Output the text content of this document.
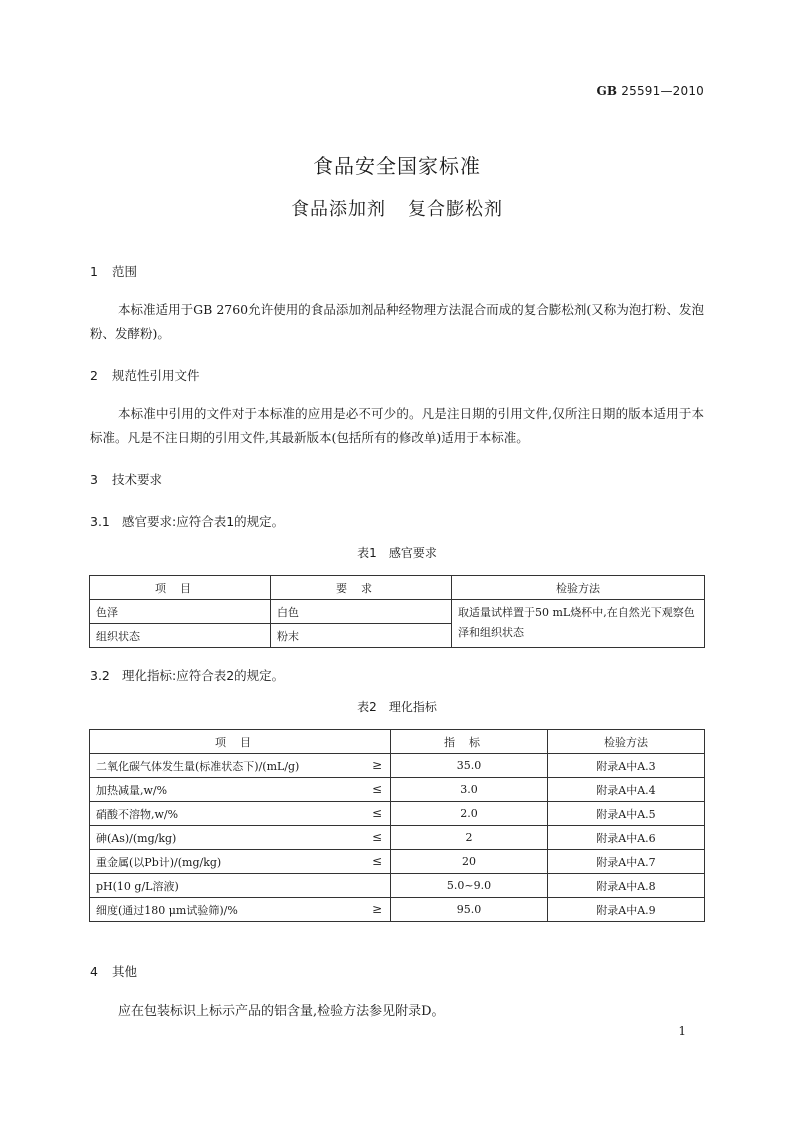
GB 25591—2010
食品安全国家标准
食品添加剂 复合膨松剂
1 范围
本标准适用于GB 2760允许使用的食品添加剂品种经物理方法混合而成的复合膨松剂(又称为泡打粉、发泡粉、发酵粉)。
2 规范性引用文件
本标准中引用的文件对于本标准的应用是必不可少的。凡是注日期的引用文件,仅所注日期的版本适用于本标准。凡是不注日期的引用文件,其最新版本(包括所有的修改单)适用于本标准。
3 技术要求
3.1 感官要求:应符合表1的规定。
表1 感官要求
项目	要求	检验方法
色泽	白色	取适量试样置于50 mL烧杯中,在自然光下观察色泽和组织状态
组织状态	粉末	
3.2 理化指标:应符合表2的规定。
表2 理化指标
项目	指标	检验方法
二氧化碳气体发生量(标准状态下)/(mL/g) ≥	35.0	附录A中A.3
加热减量,w/% ≤	3.0	附录A中A.4
硝酸不溶物,w/% ≤	2.0	附录A中A.5
砷(As)/(mg/kg) ≤	2	附录A中A.6
重金属(以Pb计)/(mg/kg) ≤	20	附录A中A.7
pH(10 g/L溶液)	5.0~9.0	附录A中A.8
细度(通过180 μm试验筛)/% ≥	95.0	附录A中A.9
4 其他
应在包装标识上标示产品的铝含量,检验方法参见附录D。
1
